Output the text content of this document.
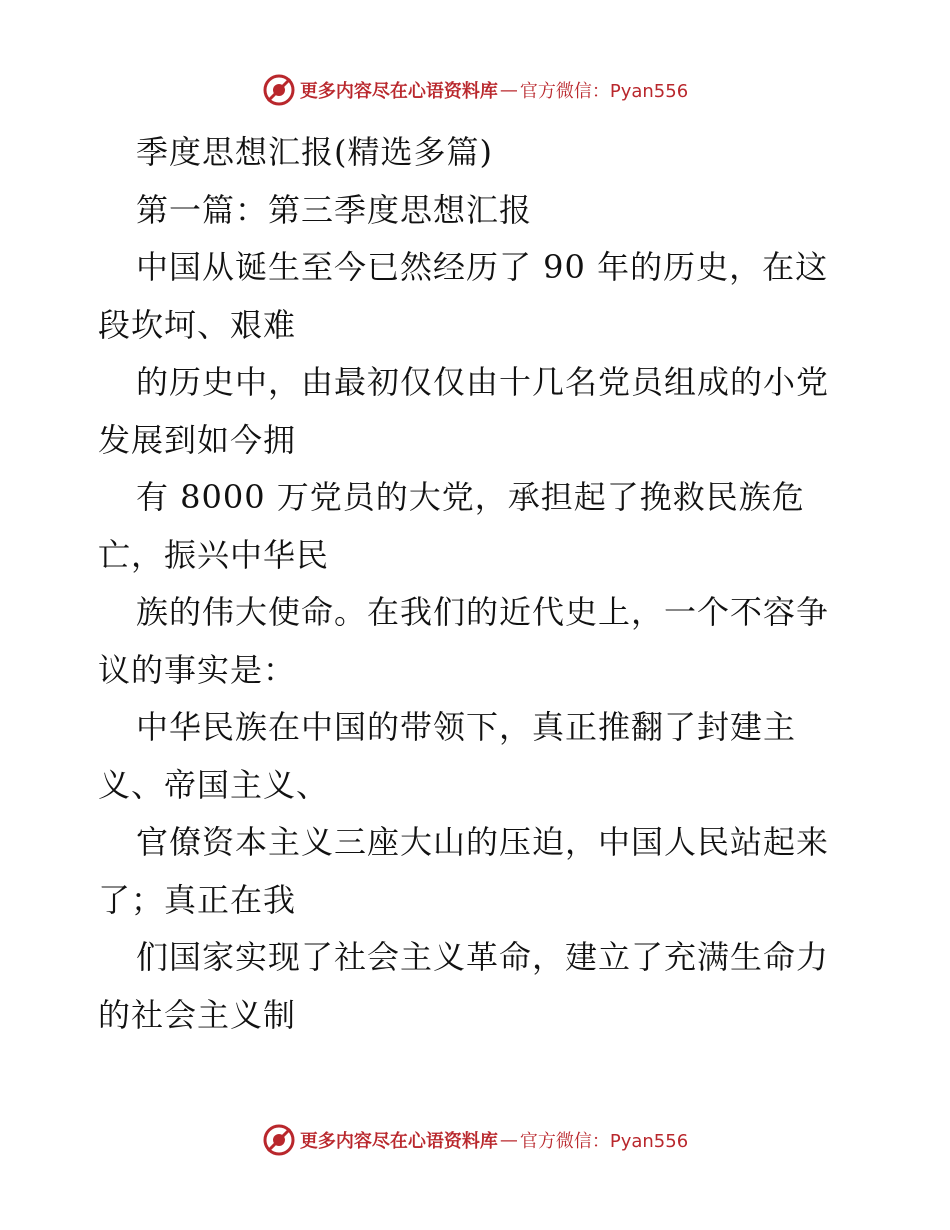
更多内容尽在心语资料库 — 官方微信：Pyan556
季度思想汇报(精选多篇)
第一篇：第三季度思想汇报
中国从诞生至今已然经历了 90 年的历史，在这
段坎坷、艰难
的历史中，由最初仅仅由十几名党员组成的小党
发展到如今拥
有 8000 万党员的大党，承担起了挽救民族危
亡，振兴中华民
族的伟大使命。在我们的近代史上，一个不容争
议的事实是：
中华民族在中国的带领下，真正推翻了封建主
义、帝国主义、
官僚资本主义三座大山的压迫，中国人民站起来
了；真正在我
们国家实现了社会主义革命，建立了充满生命力
的社会主义制
更多内容尽在心语资料库 — 官方微信：Pyan556
